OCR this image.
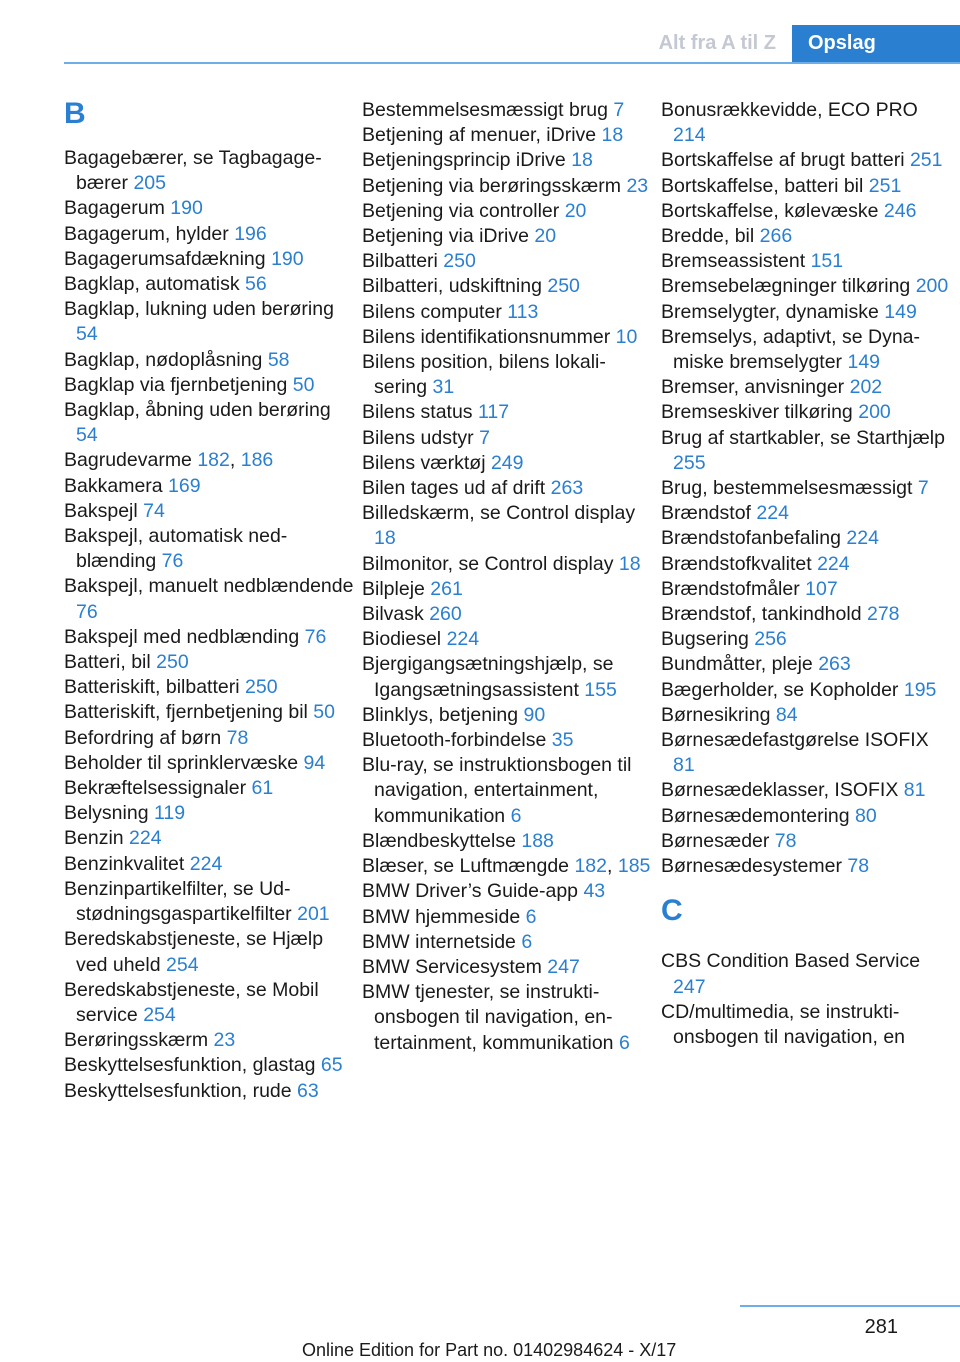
Alt fra A til Z	Opslag
B
Bagagebærer, se Tagbagagebærer 205
Bagagerum 190
Bagagerum, hylder 196
Bagagerumsafdækning 190
Bagklap, automatisk 56
Bagklap, lukning uden berøring 54
Bagklap, nødoplåsning 58
Bagklap via fjernbetjening 50
Bagklap, åbning uden berøring 54
Bagrudevarme 182, 186
Bakkamera 169
Bakspejl 74
Bakspejl, automatisk nedblænding 76
Bakspejl, manuelt nedblændende 76
Bakspejl med nedblænding 76
Batteri, bil 250
Batteriskift, bilbatteri 250
Batteriskift, fjernbetjening bil 50
Befordring af børn 78
Beholder til sprinklervæske 94
Bekræftelsessignaler 61
Belysning 119
Benzin 224
Benzinkvalitet 224
Benzinpartikelfilter, se Udstødningsgaspartikelfilter 201
Beredskabstjeneste, se Hjælp ved uheld 254
Beredskabstjeneste, se Mobil service 254
Berøringsskærm 23
Beskyttelsesfunktion, glastag 65
Beskyttelsesfunktion, rude 63
Bestemmelsesmæssigt brug 7
Betjening af menuer, iDrive 18
Betjeningsprincip iDrive 18
Betjening via berøringsskærm 23
Betjening via controller 20
Betjening via iDrive 20
Bilbatteri 250
Bilbatteri, udskiftning 250
Bilens computer 113
Bilens identifikationsnummer 10
Bilens position, bilens lokalisering 31
Bilens status 117
Bilens udstyr 7
Bilens værktøj 249
Bilen tages ud af drift 263
Billedskærm, se Control display 18
Bilmonitor, se Control display 18
Bilpleje 261
Bilvask 260
Biodiesel 224
Bjergigangsætningshjælp, se Igangsætningsassistent 155
Blinklys, betjening 90
Bluetooth-forbindelse 35
Blu-ray, se instruktionsbogen til navigation, entertainment, kommunikation 6
Blændbeskyttelse 188
Blæser, se Luftmængde 182, 185
BMW Driver’s Guide-app 43
BMW hjemmeside 6
BMW internetside 6
BMW Servicesystem 247
BMW tjenester, se instruktionsbogen til navigation, entertainment, kommunikation 6
Bonusrækkevidde, ECO PRO 214
Bortskaffelse af brugt batteri 251
Bortskaffelse, batteri bil 251
Bortskaffelse, kølevæske 246
Bredde, bil 266
Bremseassistent 151
Bremsebelægninger tilkøring 200
Bremselygter, dynamiske 149
Bremselys, adaptivt, se Dynamiske bremselygter 149
Bremser, anvisninger 202
Bremseskiver tilkøring 200
Brug af startkabler, se Starthjælp 255
Brug, bestemmelsesmæssigt 7
Brændstof 224
Brændstofanbefaling 224
Brændstofkvalitet 224
Brændstofmåler 107
Brændstof, tankindhold 278
Bugsering 256
Bundmåtter, pleje 263
Bægerholder, se Kopholder 195
Børnesikring 84
Børnesædefastgørelse ISOFIX 81
Børnesædeklasser, ISOFIX 81
Børnesædemontering 80
Børnesæder 78
Børnesædesystemer 78
C
CBS Condition Based Service 247
CD/multimedia, se instruktionsbogen til navigation, en
281
Online Edition for Part no. 01402984624 - X/17
